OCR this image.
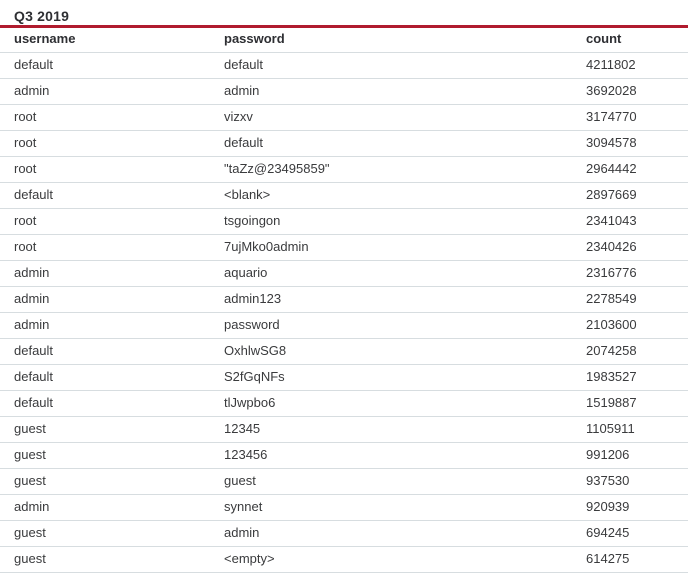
Q3 2019
username	password	count
default	default	4211802
admin	admin	3692028
root	vizxv	3174770
root	default	3094578
root	"taZz@23495859"	2964442
default	<blank>	2897669
root	tsgoingon	2341043
root	7ujMko0admin	2340426
admin	aquario	2316776
admin	admin123	2278549
admin	password	2103600
default	OxhlwSG8	2074258
default	S2fGqNFs	1983527
default	tlJwpbo6	1519887
guest	12345	1105911
guest	123456	991206
guest	guest	937530
admin	synnet	920939
guest	admin	694245
guest	<empty>	614275
